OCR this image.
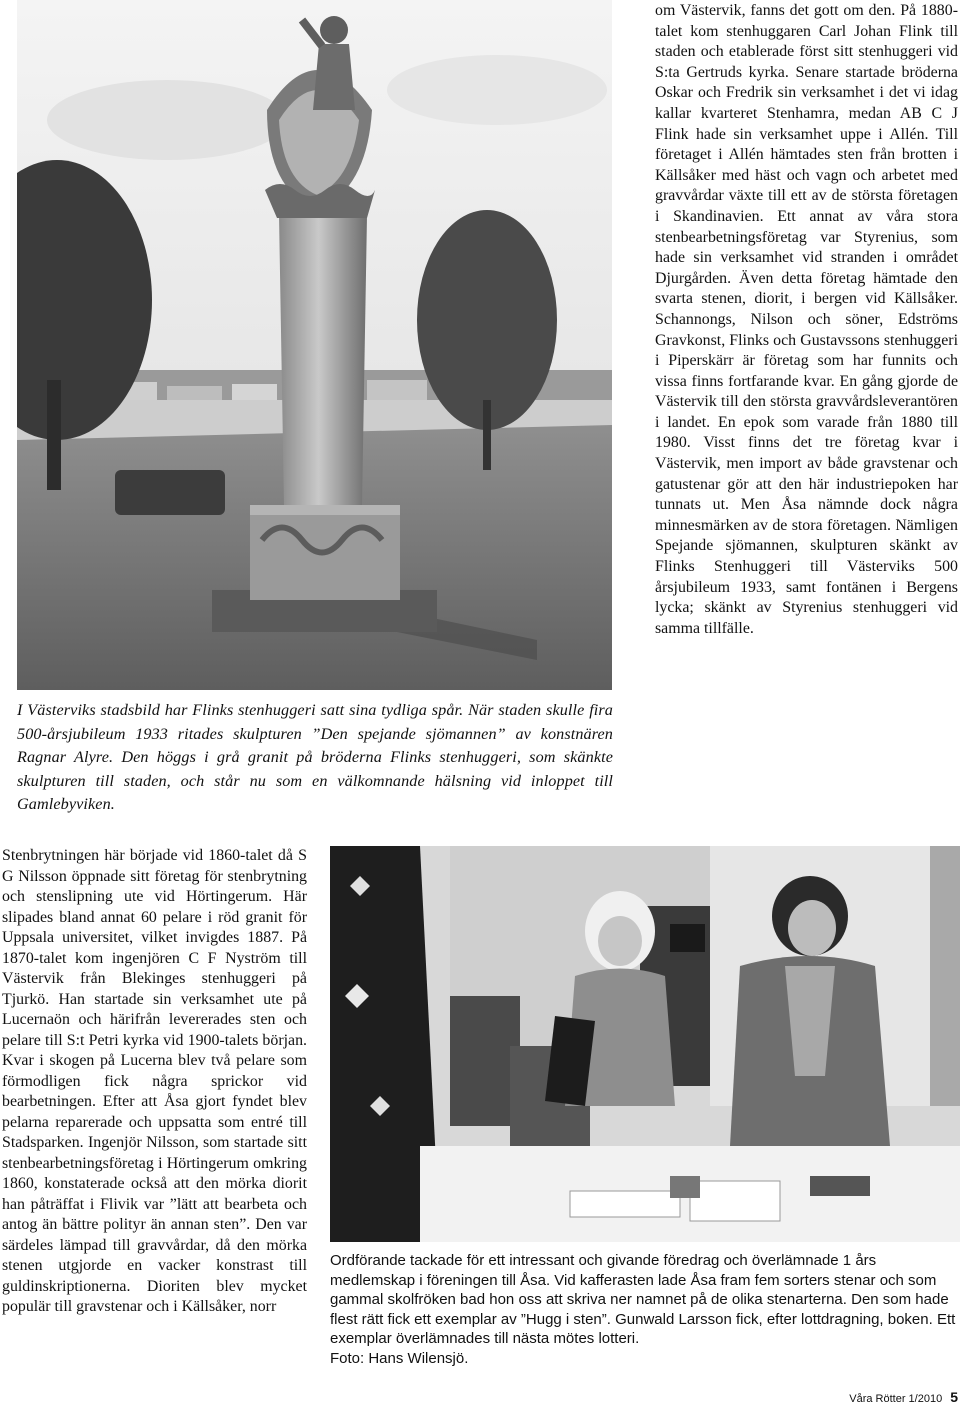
I Västerviks stadsbild har Flinks stenhuggeri satt sina tydliga spår. När staden skulle fira 500-årsjubileum 1933 ritades skulpturen ”Den spejande sjömannen” av konstnären Ragnar Alyre. Den höggs i grå granit på bröderna Flinks stenhuggeri, som skänkte skulpturen till staden, och står nu som en välkomnande hälsning vid inloppet till Gamlebyviken.

om Västervik, fanns det gott om den. På 1880-talet kom stenhuggaren Carl Johan Flink till staden och etablerade först sitt stenhuggeri vid S:ta Gertruds kyrka. Senare startade bröderna Oskar och Fredrik sin verksamhet i det vi idag kallar kvarteret Stenhamra, medan AB C J Flink hade sin verksamhet uppe i Allén. Till företaget i Allén hämtades sten från brotten i Källsåker med häst och vagn och arbetet med gravvårdar växte till ett av de största företagen i Skandinavien. Ett annat av våra stora stenbearbetningsföretag var Styrenius, som hade sin verksamhet vid stranden i området Djurgården. Även detta företag hämtade den svarta stenen, diorit, i bergen vid Källsåker. Schannongs, Nilson och söner, Edströms Gravkonst, Flinks och Gustavssons stenhuggeri i Piperskärr är företag som har funnits och vissa finns fortfarande kvar. En gång gjorde de Västervik till den största gravvårdsleverantören i landet. En epok som varade från 1880 till 1980. Visst finns det tre företag kvar i Västervik, men import av både gravstenar och gatustenar gör att den här industriepoken har tunnats ut. Men Åsa nämnde dock några minnesmärken av de stora företagen. Nämligen Spejande sjömannen, skulpturen skänkt av Flinks Stenhuggeri till Västerviks 500 årsjubileum 1933, samt fontänen i Bergens lycka; skänkt av Styrenius stenhuggeri vid samma tillfälle.

Stenbrytningen här började vid 1860-talet då S G Nilsson öppnade sitt företag för stenbrytning och stenslipning ute vid Hörtingerum. Här slipades bland annat 60 pelare i röd granit för Uppsala universitet, vilket invigdes 1887. På 1870-talet kom ingenjören C F Nyström till Västervik från Blekinges stenhuggeri på Tjurkö. Han startade sin verksamhet ute på Lucernaön och härifrån levererades sten och pelare till S:t Petri kyrka vid 1900-talets början. Kvar i skogen på Lucerna blev två pelare som förmodligen fick några sprickor vid bearbetningen. Efter att Åsa gjort fyndet blev pelarna reparerade och uppsatta som entré till Stadsparken. Ingenjör Nilsson, som startade sitt stenbearbetningsföretag i Hörtingerum omkring 1860, konstaterade också att den mörka diorit han påträffat i Flivik var ”lätt att bearbeta och antog än bättre polityr än annan sten”. Den var särdeles lämpad till gravvårdar, då den mörka stenen utgjorde en vacker konstrast till guldinskriptionerna. Dioriten blev mycket populär till gravstenar och i Källsåker, norr

Ordförande tackade för ett intressant och givande föredrag och överlämnade 1 års medlemskap i föreningen till Åsa. Vid kafferasten lade Åsa fram fem sorters stenar och som gammal skolfröken bad hon oss att skriva ner namnet på de olika stenarterna. Den som hade flest rätt fick ett exemplar av ”Hugg i sten”. Gunwald Larsson fick, efter lottdragning, boken. Ett exemplar överlämnades till nästa mötes lotteri.

Foto: Hans Wilensjö.

Våra Rötter 1/2010 5
